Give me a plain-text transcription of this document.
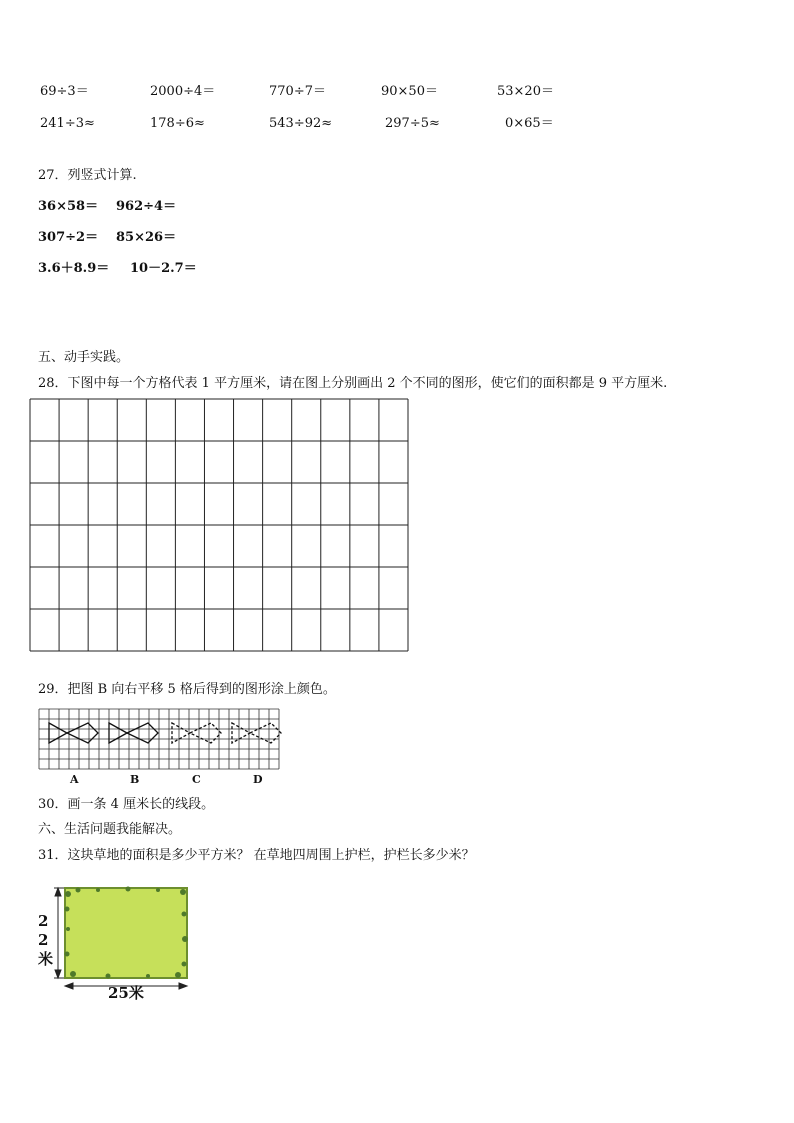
69÷3＝	2000÷4＝	770÷7＝	90×50＝	53×20＝
241÷3≈	178÷6≈	543÷92≈	297÷5≈	0×65＝
27．列竖式计算.
36×58＝ 962÷4＝
307÷2＝ 85×26＝
3.6＋8.9＝ 10－2.7＝
五、动手实践。
28．下图中每一个方格代表 1 平方厘米，请在图上分别画出 2 个不同的图形，使它们的面积都是 9 平方厘米.
29．把图 B 向右平移 5 格后得到的图形涂上颜色。
A	B	C	D
30．画一条 4 厘米长的线段。
六、生活问题我能解决。
31．这块草地的面积是多少平方米？ 在草地四周围上护栏，护栏长多少米？
22米
25米
